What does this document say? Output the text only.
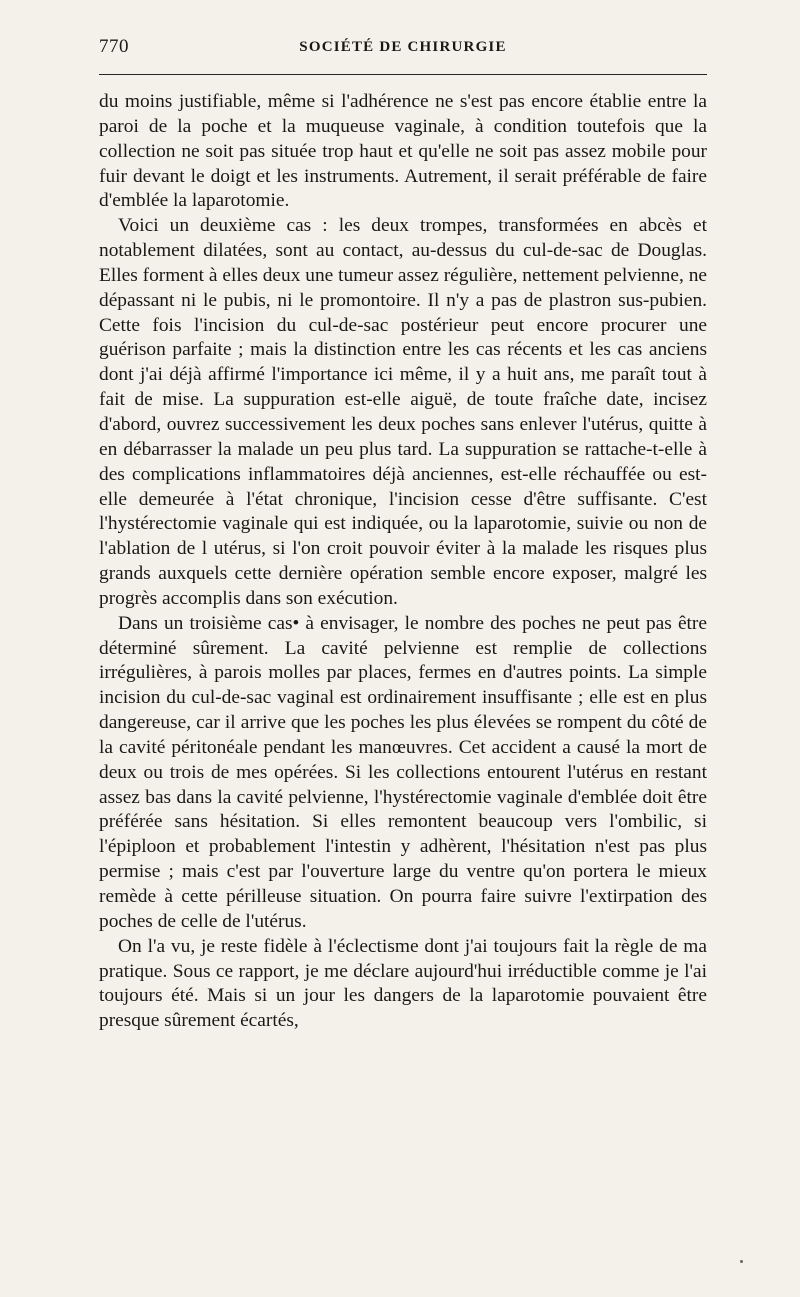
770	SOCIÉTÉ DE CHIRURGIE

du moins justifiable, même si l'adhérence ne s'est pas encore établie entre la paroi de la poche et la muqueuse vaginale, à condition toutefois que la collection ne soit pas située trop haut et qu'elle ne soit pas assez mobile pour fuir devant le doigt et les instruments. Autrement, il serait préférable de faire d'emblée la laparotomie.

Voici un deuxième cas : les deux trompes, transformées en abcès et notablement dilatées, sont au contact, au-dessus du cul-de-sac de Douglas. Elles forment à elles deux une tumeur assez régulière, nettement pelvienne, ne dépassant ni le pubis, ni le promontoire. Il n'y a pas de plastron sus-pubien. Cette fois l'incision du cul-de-sac postérieur peut encore procurer une guérison parfaite ; mais la distinction entre les cas récents et les cas anciens dont j'ai déjà affirmé l'importance ici même, il y a huit ans, me paraît tout à fait de mise. La suppuration est-elle aiguë, de toute fraîche date, incisez d'abord, ouvrez successivement les deux poches sans enlever l'utérus, quitte à en débarrasser la malade un peu plus tard. La suppuration se rattache-t-elle à des complications inflammatoires déjà anciennes, est-elle réchauffée ou est-elle demeurée à l'état chronique, l'incision cesse d'être suffisante. C'est l'hystérectomie vaginale qui est indiquée, ou la laparotomie, suivie ou non de l'ablation de l utérus, si l'on croit pouvoir éviter à la malade les risques plus grands auxquels cette dernière opération semble encore exposer, malgré les progrès accomplis dans son exécution.

Dans un troisième cas• à envisager, le nombre des poches ne peut pas être déterminé sûrement. La cavité pelvienne est remplie de collections irrégulières, à parois molles par places, fermes en d'autres points. La simple incision du cul-de-sac vaginal est ordinairement insuffisante ; elle est en plus dangereuse, car il arrive que les poches les plus élevées se rompent du côté de la cavité péritonéale pendant les manœuvres. Cet accident a causé la mort de deux ou trois de mes opérées. Si les collections entourent l'utérus en restant assez bas dans la cavité pelvienne, l'hystérectomie vaginale d'emblée doit être préférée sans hésitation. Si elles remontent beaucoup vers l'ombilic, si l'épiploon et probablement l'intestin y adhèrent, l'hésitation n'est pas plus permise ; mais c'est par l'ouverture large du ventre qu'on portera le mieux remède à cette périlleuse situation. On pourra faire suivre l'extirpation des poches de celle de l'utérus.

On l'a vu, je reste fidèle à l'éclectisme dont j'ai toujours fait la règle de ma pratique. Sous ce rapport, je me déclare aujourd'hui irréductible comme je l'ai toujours été. Mais si un jour les dangers de la laparotomie pouvaient être presque sûrement écartés,
